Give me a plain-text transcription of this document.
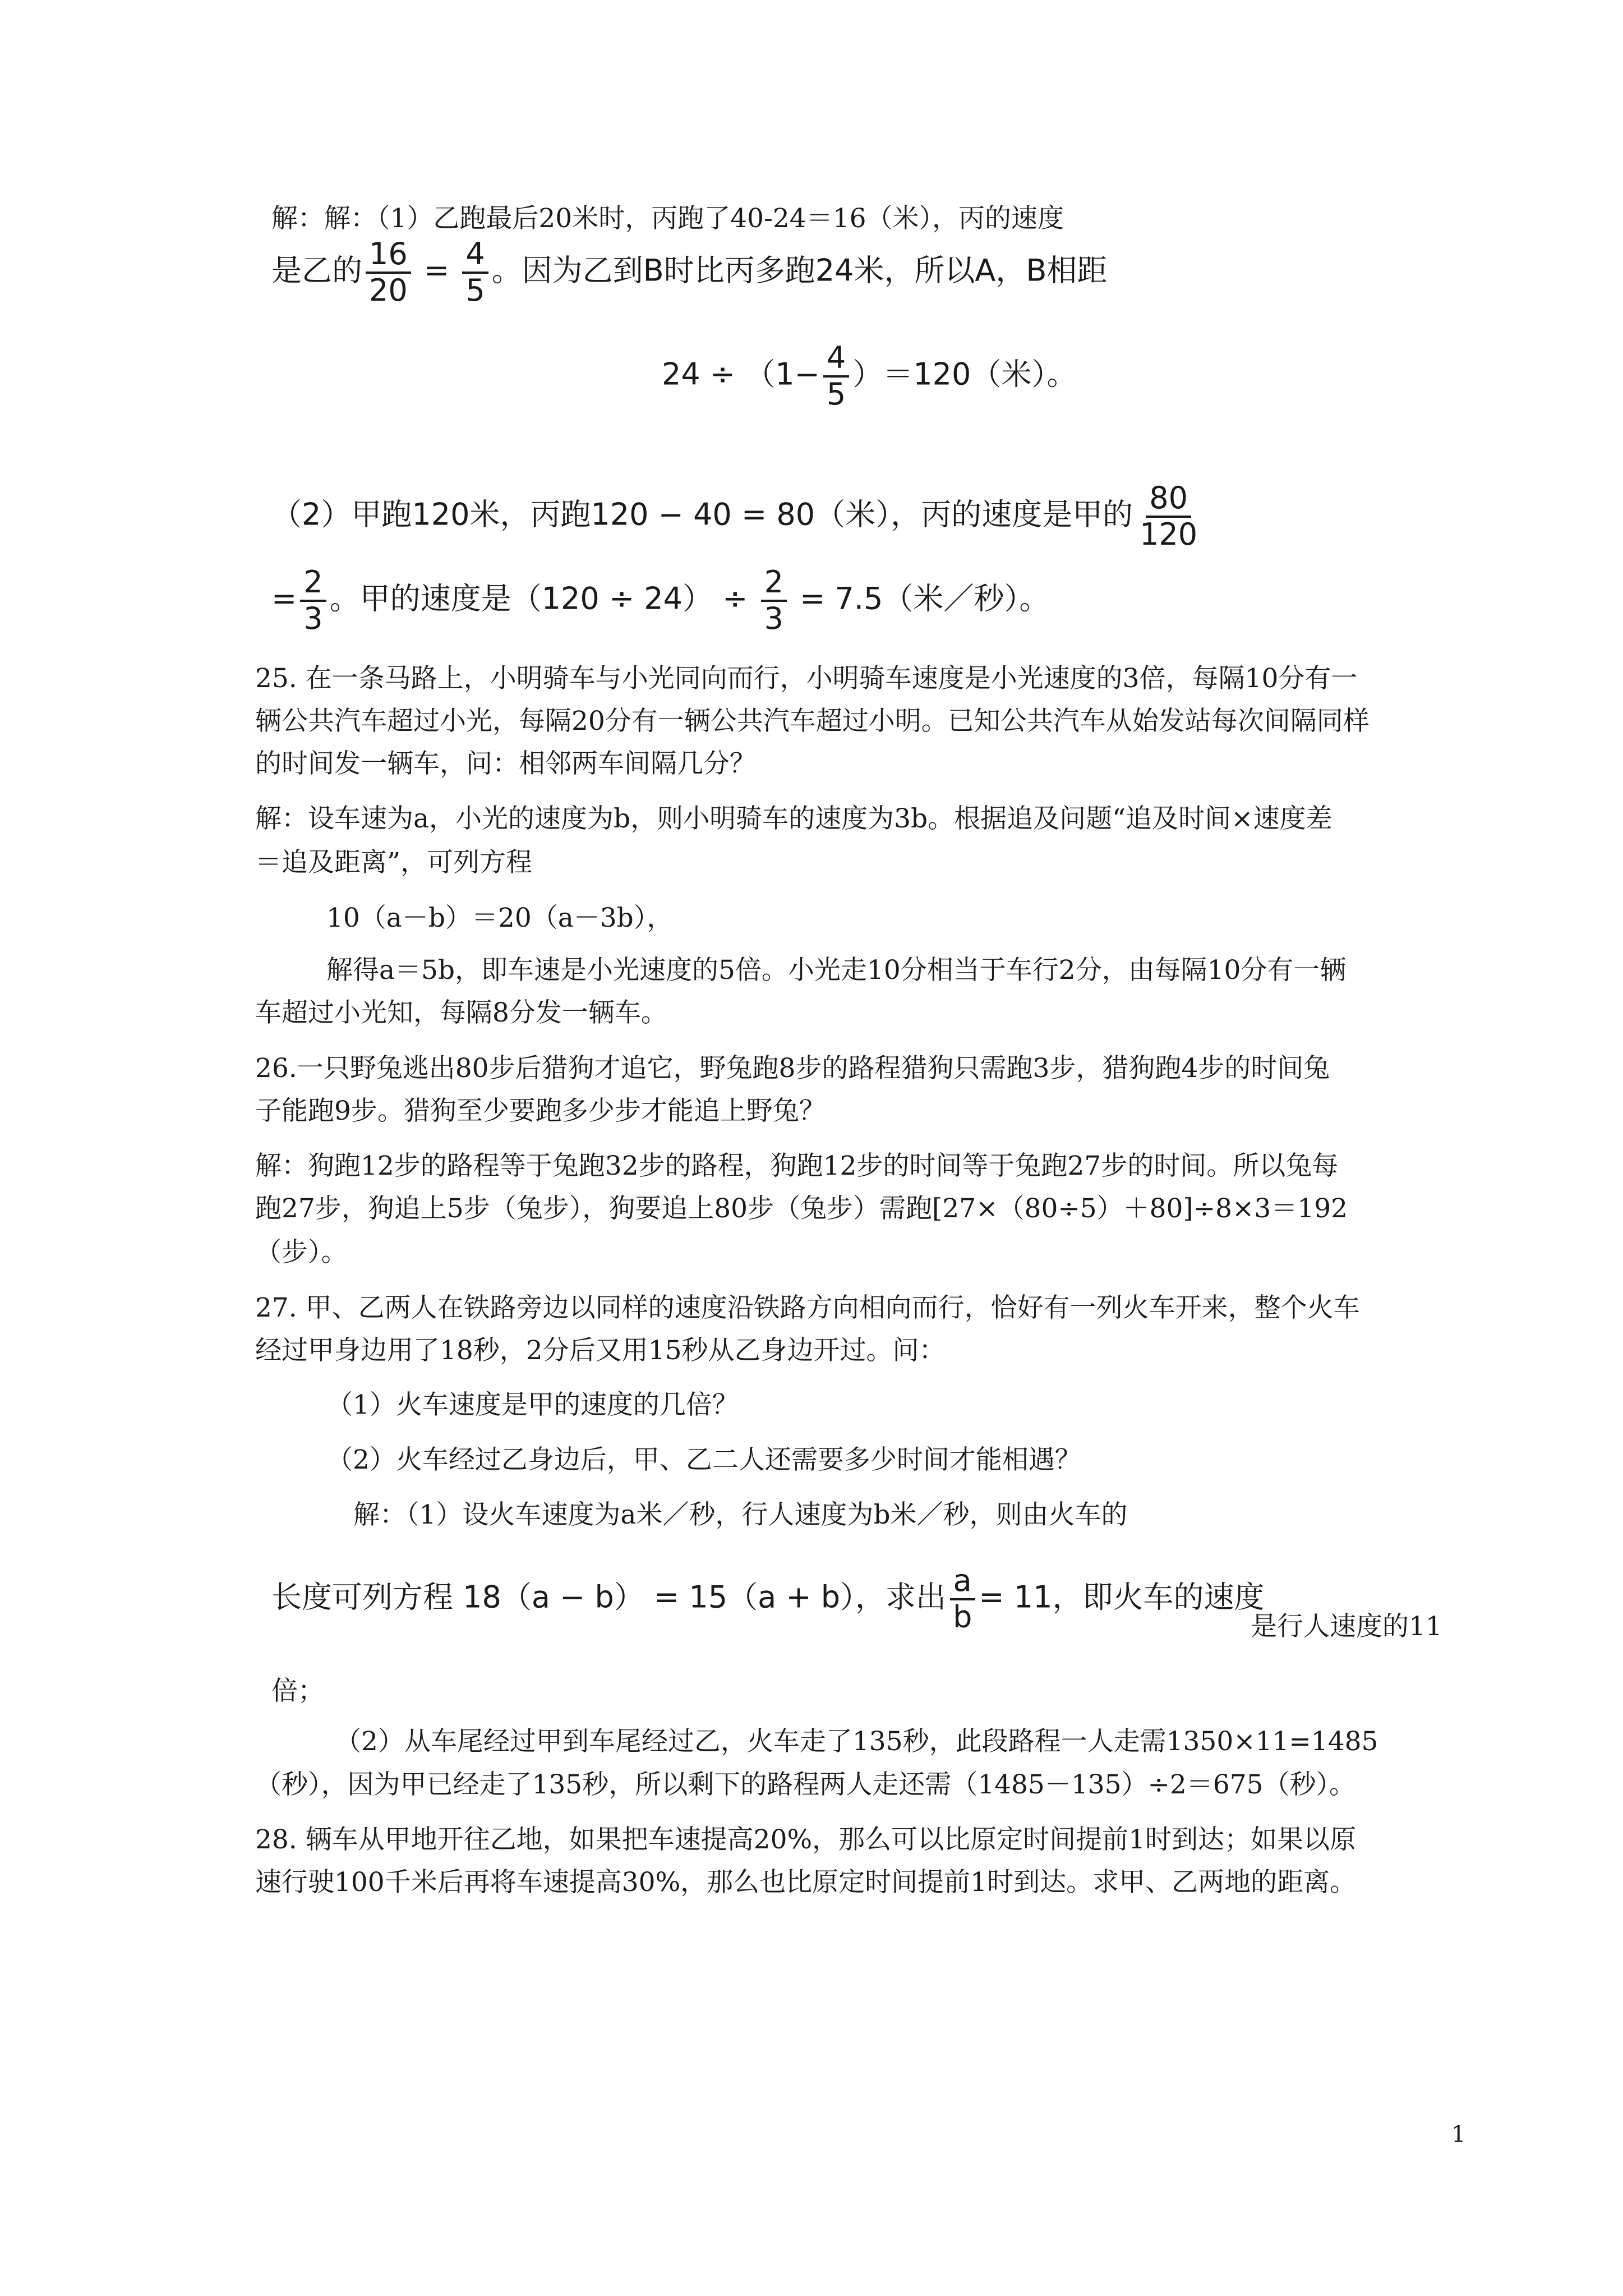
解：解：（1）乙跑最后20米时，丙跑了40-24＝16（米），丙的速度
是乙的 $\frac{16}{20} = \frac{4}{5}$ 。因为乙到B时比丙多跑24米，所以A，B相距
$24 \div (1- \frac{4}{5} )=120$（米）。
（2）甲跑120米，丙跑120 − 40 = 80（米），丙的速度是甲的 $\frac{80}{120}$
= $\frac{2}{3}$ 。甲的速度是$(120 \div 24) \div \frac{2}{3} = 7.5$（米／秒）。
25. 在一条马路上，小明骑车与小光同向而行，小明骑车速度是小光速度的3倍，每隔10分有一
辆公共汽车超过小光，每隔20分有一辆公共汽车超过小明。已知公共汽车从始发站每次间隔同样
的时间发一辆车，问：相邻两车间隔几分？
解：设车速为a，小光的速度为b，则小明骑车的速度为3b。根据追及问题“追及时间×速度差
＝追及距离”，可列方程
10（a－b）＝20（a－3b），
解得a＝5b，即车速是小光速度的5倍。小光走10分相当于车行2分，由每隔10分有一辆
车超过小光知，每隔8分发一辆车。
26.一只野兔逃出80步后猎狗才追它，野兔跑8步的路程猎狗只需跑3步，猎狗跑4步的时间兔
子能跑9步。猎狗至少要跑多少步才能追上野兔？
解：狗跑12步的路程等于兔跑32步的路程，狗跑12步的时间等于兔跑27步的时间。所以兔每
跑27步，狗追上5步（兔步），狗要追上80步（兔步）需跑[27×（80÷5）＋80]÷8×3＝192
（步）。
27. 甲、乙两人在铁路旁边以同样的速度沿铁路方向相向而行，恰好有一列火车开来，整个火车
经过甲身边用了18秒，2分后又用15秒从乙身边开过。问：
（1）火车速度是甲的速度的几倍？
（2）火车经过乙身边后，甲、乙二人还需要多少时间才能相遇？
解：（1）设火车速度为a米／秒，行人速度为b米／秒，则由火车的
长度可列方程 18（a − b） = 15（a + b），求出 $\frac{a}{b} = 11$，即火车的速度
是行人速度的11
倍；
（2）从车尾经过甲到车尾经过乙，火车走了135秒，此段路程一人走需1350×11=1485
（秒），因为甲已经走了135秒，所以剩下的路程两人走还需（1485－135）÷2＝675（秒）。
28. 辆车从甲地开往乙地，如果把车速提高20%，那么可以比原定时间提前1时到达；如果以原
速行驶100千米后再将车速提高30%，那么也比原定时间提前1时到达。求甲、乙两地的距离。
1
